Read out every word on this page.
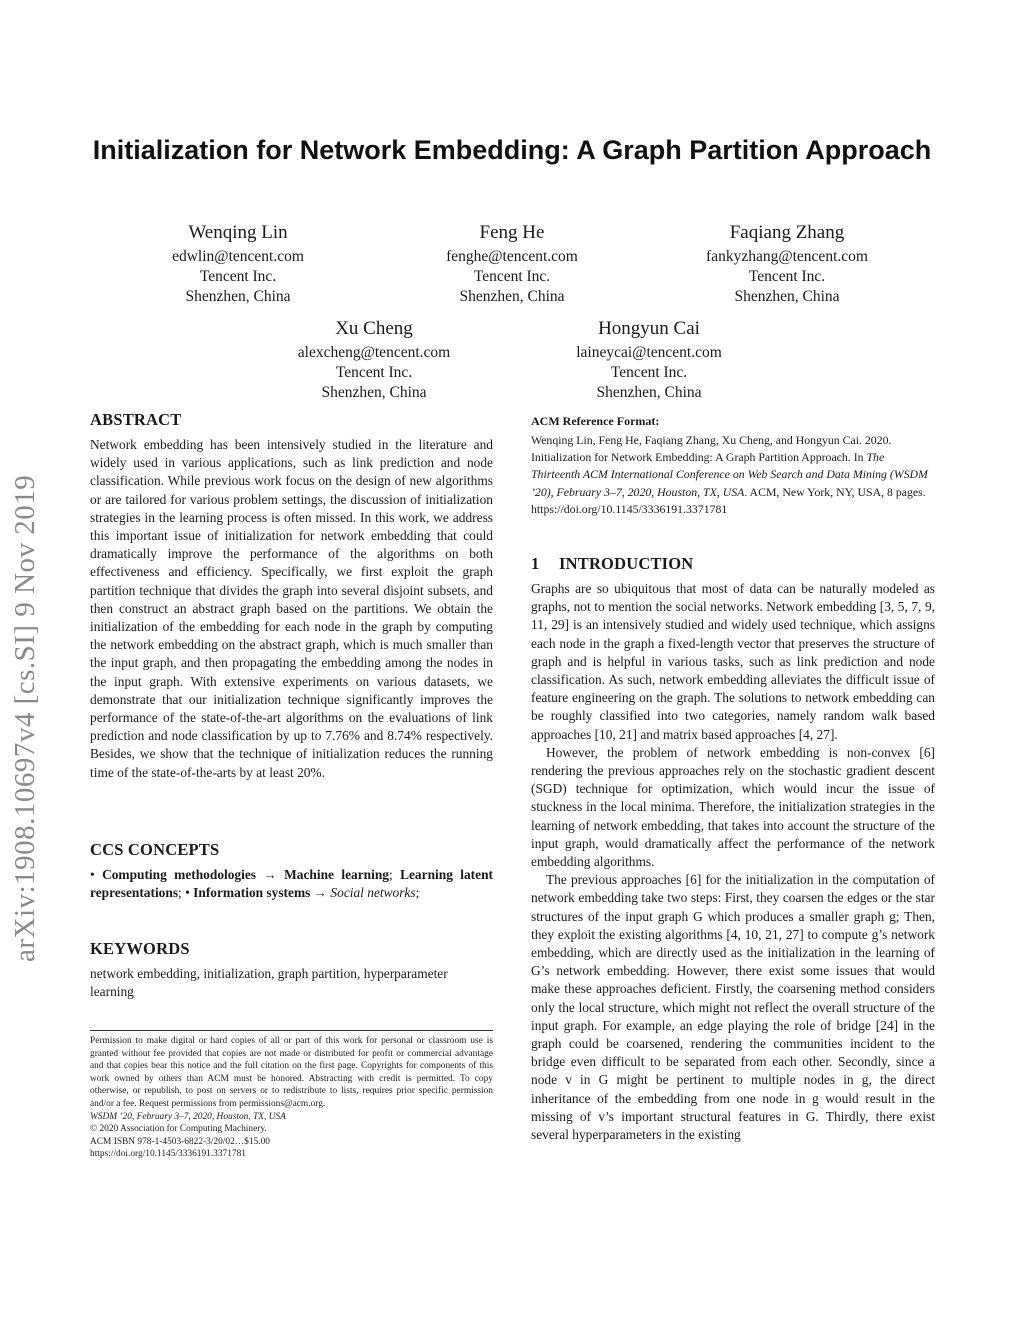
arXiv:1908.10697v4 [cs.SI] 9 Nov 2019
Initialization for Network Embedding: A Graph Partition Approach
Wenqing Lin
edwlin@tencent.com
Tencent Inc.
Shenzhen, China
Feng He
fenghe@tencent.com
Tencent Inc.
Shenzhen, China
Faqiang Zhang
fankyzhang@tencent.com
Tencent Inc.
Shenzhen, China
Xu Cheng
alexcheng@tencent.com
Tencent Inc.
Shenzhen, China
Hongyun Cai
laineycai@tencent.com
Tencent Inc.
Shenzhen, China
ABSTRACT

Network embedding has been intensively studied in the literature and widely used in various applications, such as link prediction and node classification. While previous work focus on the design of new algorithms or are tailored for various problem settings, the discussion of initialization strategies in the learning process is often missed. In this work, we address this important issue of initialization for network embedding that could dramatically improve the performance of the algorithms on both effectiveness and efficiency. Specifically, we first exploit the graph partition technique that divides the graph into several disjoint subsets, and then construct an abstract graph based on the partitions. We obtain the initialization of the embedding for each node in the graph by computing the network embedding on the abstract graph, which is much smaller than the input graph, and then propagating the embedding among the nodes in the input graph. With extensive experiments on various datasets, we demonstrate that our initialization technique significantly improves the performance of the state-of-the-art algorithms on the evaluations of link prediction and node classification by up to 7.76% and 8.74% respectively. Besides, we show that the technique of initialization reduces the running time of the state-of-the-arts by at least 20%.

CCS CONCEPTS

• Computing methodologies → Machine learning; Learning latent representations; • Information systems → Social networks;

KEYWORDS

network embedding, initialization, graph partition, hyperparameter learning

Permission to make digital or hard copies of all or part of this work for personal or classroom use is granted without fee provided that copies are not made or distributed for profit or commercial advantage and that copies bear this notice and the full citation on the first page. Copyrights for components of this work owned by others than ACM must be honored. Abstracting with credit is permitted. To copy otherwise, or republish, to post on servers or to redistribute to lists, requires prior specific permission and/or a fee. Request permissions from permissions@acm.org.

WSDM ’20, February 3–7, 2020, Houston, TX, USA

© 2020 Association for Computing Machinery.

ACM ISBN 978-1-4503-6822-3/20/02…$15.00

https://doi.org/10.1145/3336191.3371781

ACM Reference Format:

Wenqing Lin, Feng He, Faqiang Zhang, Xu Cheng, and Hongyun Cai. 2020. Initialization for Network Embedding: A Graph Partition Approach. In The Thirteenth ACM International Conference on Web Search and Data Mining (WSDM ’20), February 3–7, 2020, Houston, TX, USA. ACM, New York, NY, USA, 8 pages. https://doi.org/10.1145/3336191.3371781

1 INTRODUCTION

Graphs are so ubiquitous that most of data can be naturally modeled as graphs, not to mention the social networks. Network embedding [3, 5, 7, 9, 11, 29] is an intensively studied and widely used technique, which assigns each node in the graph a fixed-length vector that preserves the structure of graph and is helpful in various tasks, such as link prediction and node classification. As such, network embedding alleviates the difficult issue of feature engineering on the graph. The solutions to network embedding can be roughly classified into two categories, namely random walk based approaches [10, 21] and matrix based approaches [4, 27].

However, the problem of network embedding is non-convex [6] rendering the previous approaches rely on the stochastic gradient descent (SGD) technique for optimization, which would incur the issue of stuckness in the local minima. Therefore, the initialization strategies in the learning of network embedding, that takes into account the structure of the input graph, would dramatically affect the performance of the network embedding algorithms.

The previous approaches [6] for the initialization in the computation of network embedding take two steps: First, they coarsen the edges or the star structures of the input graph G which produces a smaller graph g; Then, they exploit the existing algorithms [4, 10, 21, 27] to compute g’s network embedding, which are directly used as the initialization in the learning of G’s network embedding. However, there exist some issues that would make these approaches deficient. Firstly, the coarsening method considers only the local structure, which might not reflect the overall structure of the input graph. For example, an edge playing the role of bridge [24] in the graph could be coarsened, rendering the communities incident to the bridge even difficult to be separated from each other. Secondly, since a node v in G might be pertinent to multiple nodes in g, the direct inheritance of the embedding from one node in g would result in the missing of v’s important structural features in G. Thirdly, there exist several hyperparameters in the existing
